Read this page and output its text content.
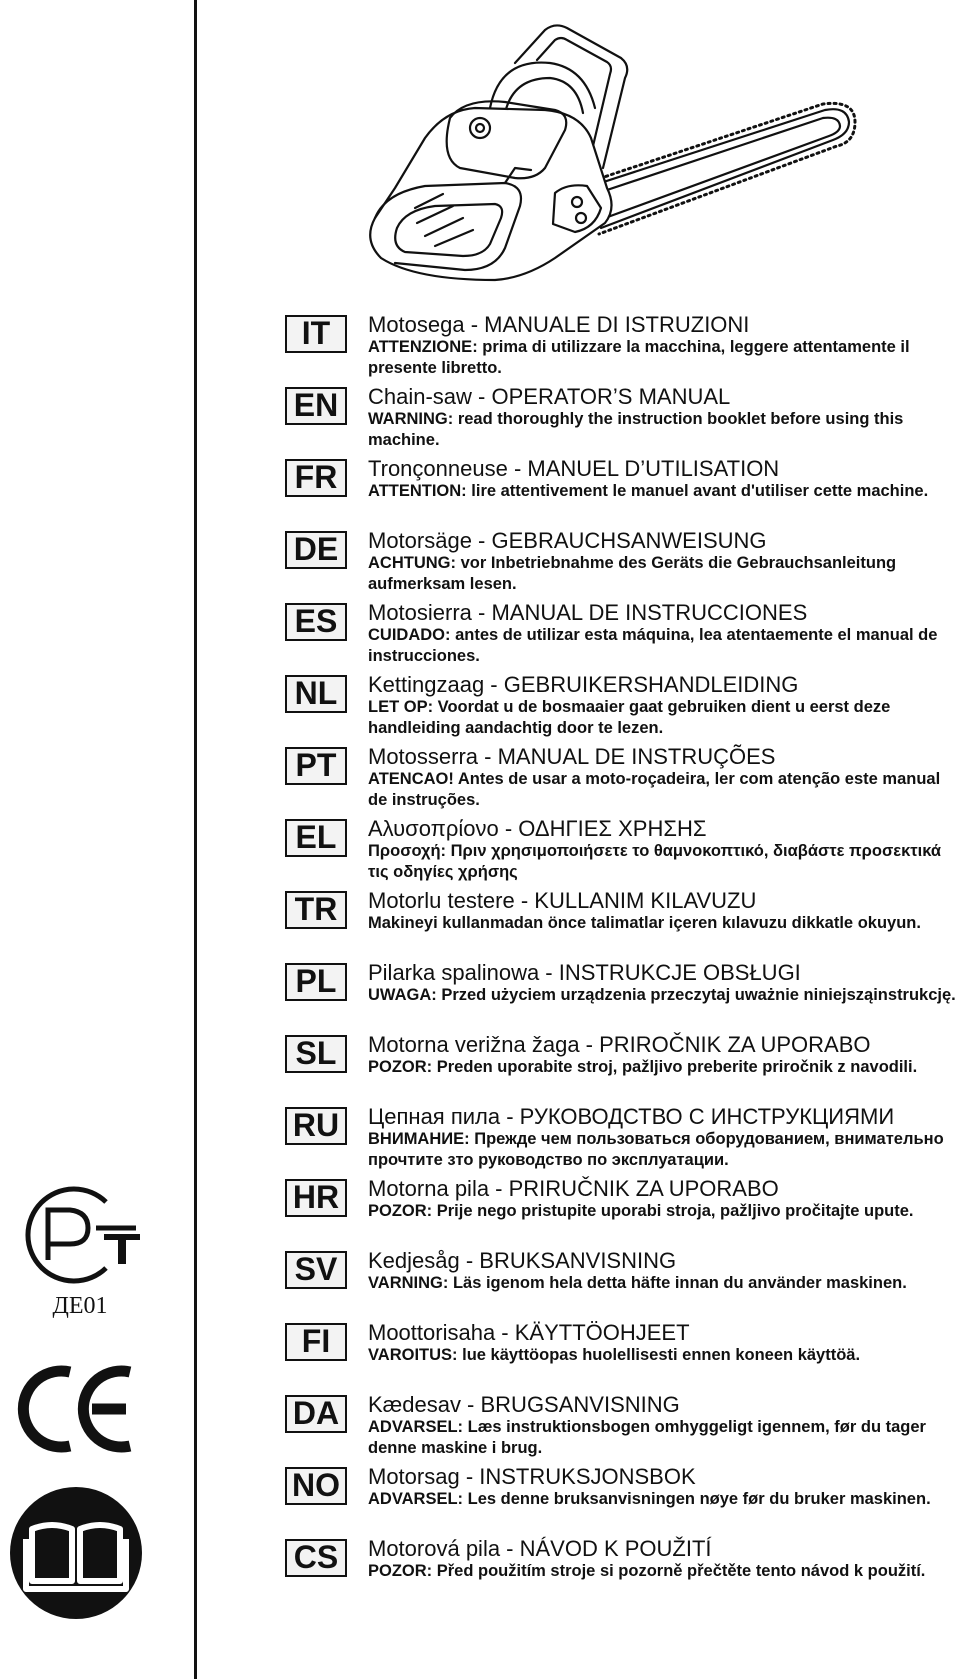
IT	Motosega - MANUALE DI ISTRUZIONI
ATTENZIONE: prima di utilizzare la macchina, leggere attentamente il presente libretto.
EN	Chain-saw - OPERATOR’S MANUAL
WARNING: read thoroughly the instruction booklet before using this machine.
FR	Tronçonneuse - MANUEL D’UTILISATION
ATTENTION: lire attentivement le manuel avant d'utiliser cette machine.
DE	Motorsäge - GEBRAUCHSANWEISUNG
ACHTUNG: vor Inbetriebnahme des Geräts die Gebrauchsanleitung aufmerksam lesen.
ES	Motosierra - MANUAL DE INSTRUCCIONES
CUIDADO: antes de utilizar esta máquina, lea atentaemente el manual de instrucciones.
NL	Kettingzaag - GEBRUIKERSHANDLEIDING
LET OP: Voordat u de bosmaaier gaat gebruiken dient u eerst deze handleiding aandachtig door te lezen.
PT	Motosserra - MANUAL DE INSTRUÇÕES
ATENCAO! Antes de usar a moto-roçadeira, ler com atenção este manual de instruções.
EL	Αλυσοπρίονο - ΟΔΗΓΙΕΣ ΧΡΗΣΗΣ
Προσοχή: Πριν χρησιμοποιήσετε το θαμνοκοπτικό, διαβάστε προσεκτικά τις οδηγίες χρήσης
TR	Motorlu testere - KULLANIM KILAVUZU
Makineyi kullanmadan önce talimatlar içeren kılavuzu dikkatle okuyun.
PL	Pilarka spalinowa - INSTRUKCJE OBSŁUGI
UWAGA: Przed użyciem urządzenia przeczytaj uważnie niniejsząinstrukcję.
SL	Motorna verižna žaga - PRIROČNIK ZA UPORABO
POZOR: Preden uporabite stroj, pažljivo preberite priročnik z navodili.
RU	Цепная пила - РУКОВОДСТВО С ИНСТРУКЦИЯМИ
ВНИМАНИЕ: Прежде чем пользоваться оборудованием, внимательно прочтите зто руководство по эксплуатации.
HR	Motorna pila - PRIRUČNIK ZA UPORABO
POZOR: Prije nego pristupite uporabi stroja, pažljivo pročitajte upute.
SV	Kedjesåg - BRUKSANVISNING
VARNING: Läs igenom hela detta häfte innan du använder maskinen.
FI	Moottorisaha - KÄYTTÖOHJEET
VAROITUS: lue käyttöopas huolellisesti ennen koneen käyttöä.
DA	Kædesav - BRUGSANVISNING
ADVARSEL: Læs instruktionsbogen omhyggeligt igennem, før du tager denne maskine i brug.
NO	Motorsag - INSTRUKSJONSBOK
ADVARSEL: Les denne bruksanvisningen nøye før du bruker maskinen.
CS	Motorová pila - NÁVOD K POUŽITÍ
POZOR: Před použitím stroje si pozorně přečtěte tento návod k použití.
ДЕ01
